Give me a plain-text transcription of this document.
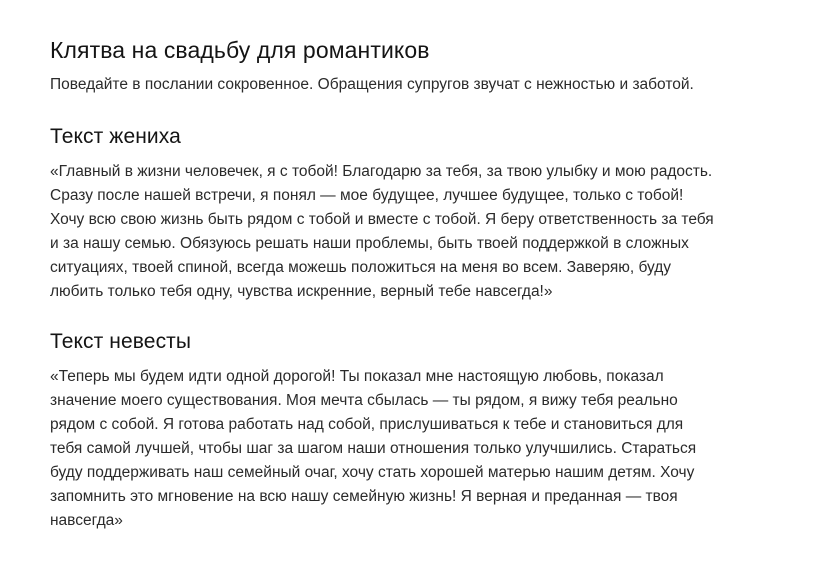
Клятва на свадьбу для романтиков

Поведайте в послании сокровенное. Обращения супругов звучат с нежностью и заботой.

Текст жениха

«Главный в жизни человечек, я с тобой! Благодарю за тебя, за твою улыбку и мою радость. Сразу после нашей встречи, я понял — мое будущее, лучшее будущее, только с тобой! Хочу всю свою жизнь быть рядом с тобой и вместе с тобой. Я беру ответственность за тебя и за нашу семью. Обязуюсь решать наши проблемы, быть твоей поддержкой в сложных ситуациях, твоей спиной, всегда можешь положиться на меня во всем. Заверяю, буду любить только тебя одну, чувства искренние, верный тебе навсегда!»

Текст невесты

«Теперь мы будем идти одной дорогой! Ты показал мне настоящую любовь, показал значение моего существования. Моя мечта сбылась — ты рядом, я вижу тебя реально рядом с собой. Я готова работать над собой, прислушиваться к тебе и становиться для тебя самой лучшей, чтобы шаг за шагом наши отношения только улучшились. Стараться буду поддерживать наш семейный очаг, хочу стать хорошей матерью нашим детям. Хочу запомнить это мгновение на всю нашу семейную жизнь! Я верная и преданная — твоя навсегда»
